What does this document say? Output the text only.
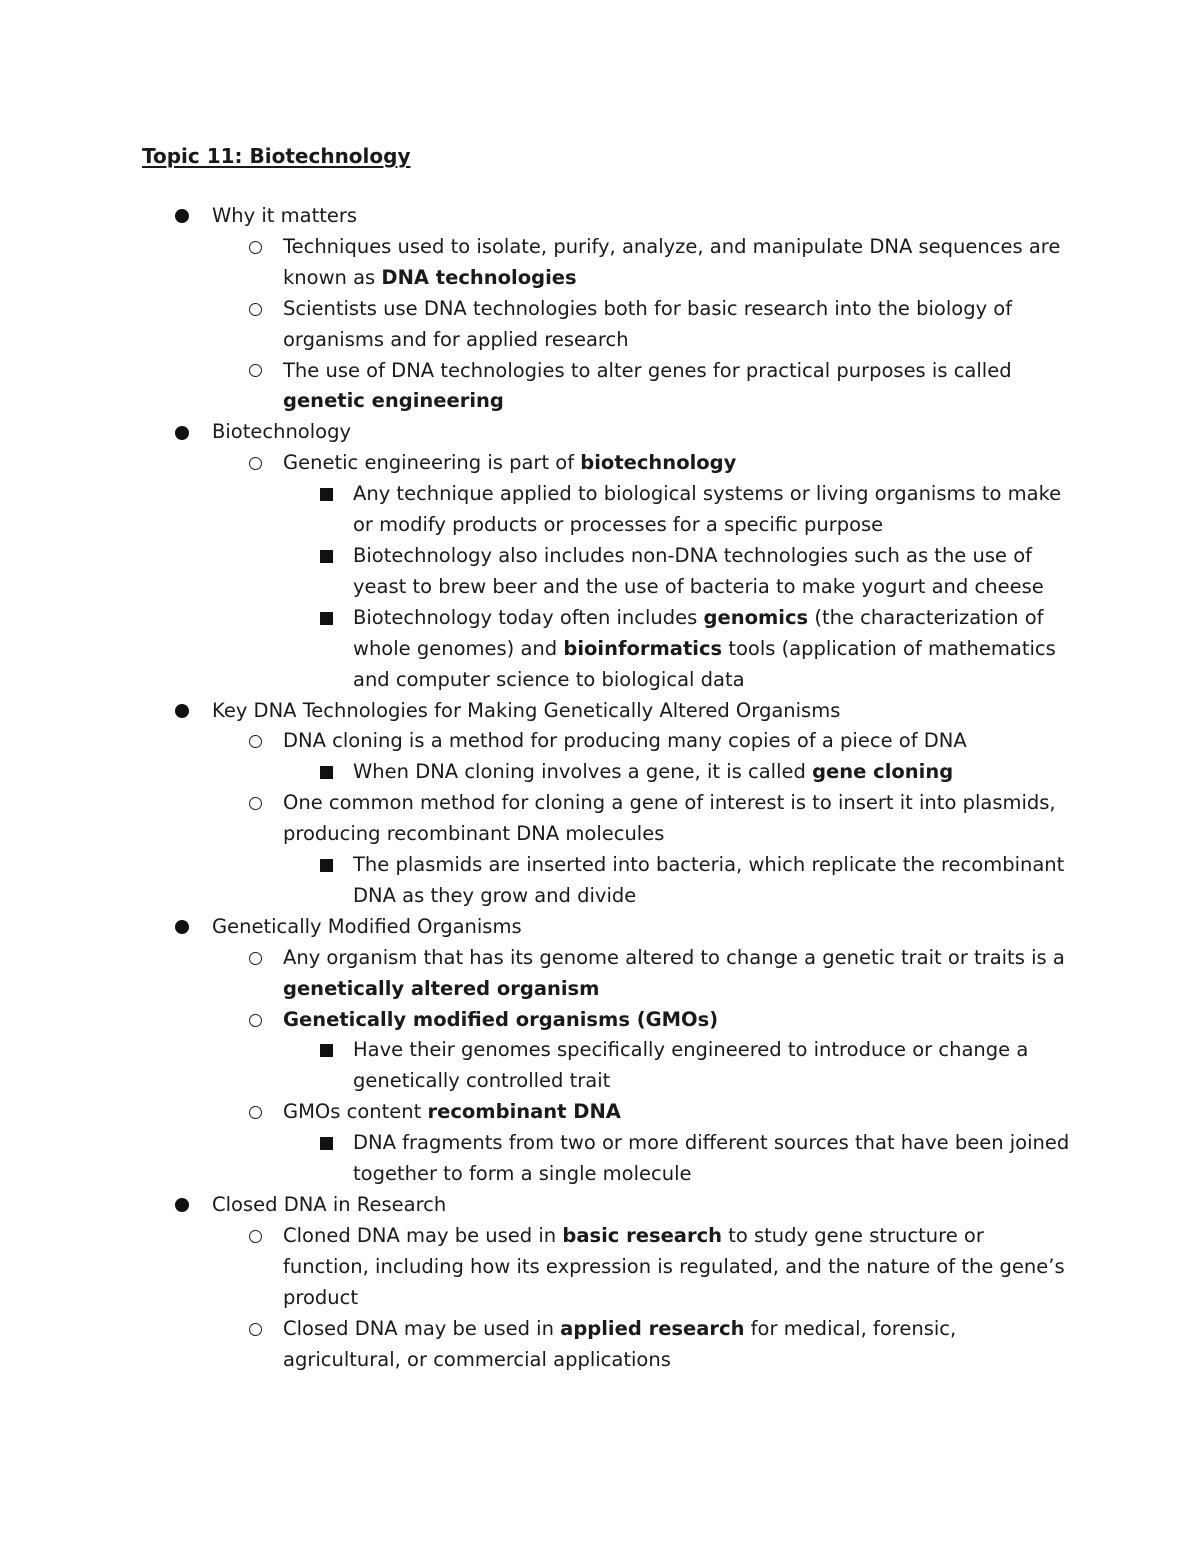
Topic 11: Biotechnology
Why it matters
Techniques used to isolate, purify, analyze, and manipulate DNA sequences are known as DNA technologies
Scientists use DNA technologies both for basic research into the biology of organisms and for applied research
The use of DNA technologies to alter genes for practical purposes is called genetic engineering
Biotechnology
Genetic engineering is part of biotechnology
Any technique applied to biological systems or living organisms to make or modify products or processes for a specific purpose
Biotechnology also includes non-DNA technologies such as the use of yeast to brew beer and the use of bacteria to make yogurt and cheese
Biotechnology today often includes genomics (the characterization of whole genomes) and bioinformatics tools (application of mathematics and computer science to biological data
Key DNA Technologies for Making Genetically Altered Organisms
DNA cloning is a method for producing many copies of a piece of DNA
When DNA cloning involves a gene, it is called gene cloning
One common method for cloning a gene of interest is to insert it into plasmids, producing recombinant DNA molecules
The plasmids are inserted into bacteria, which replicate the recombinant DNA as they grow and divide
Genetically Modified Organisms
Any organism that has its genome altered to change a genetic trait or traits is a genetically altered organism
Genetically modified organisms (GMOs)
Have their genomes specifically engineered to introduce or change a genetically controlled trait
GMOs content recombinant DNA
DNA fragments from two or more different sources that have been joined together to form a single molecule
Closed DNA in Research
Cloned DNA may be used in basic research to study gene structure or function, including how its expression is regulated, and the nature of the gene’s product
Closed DNA may be used in applied research for medical, forensic, agricultural, or commercial applications
